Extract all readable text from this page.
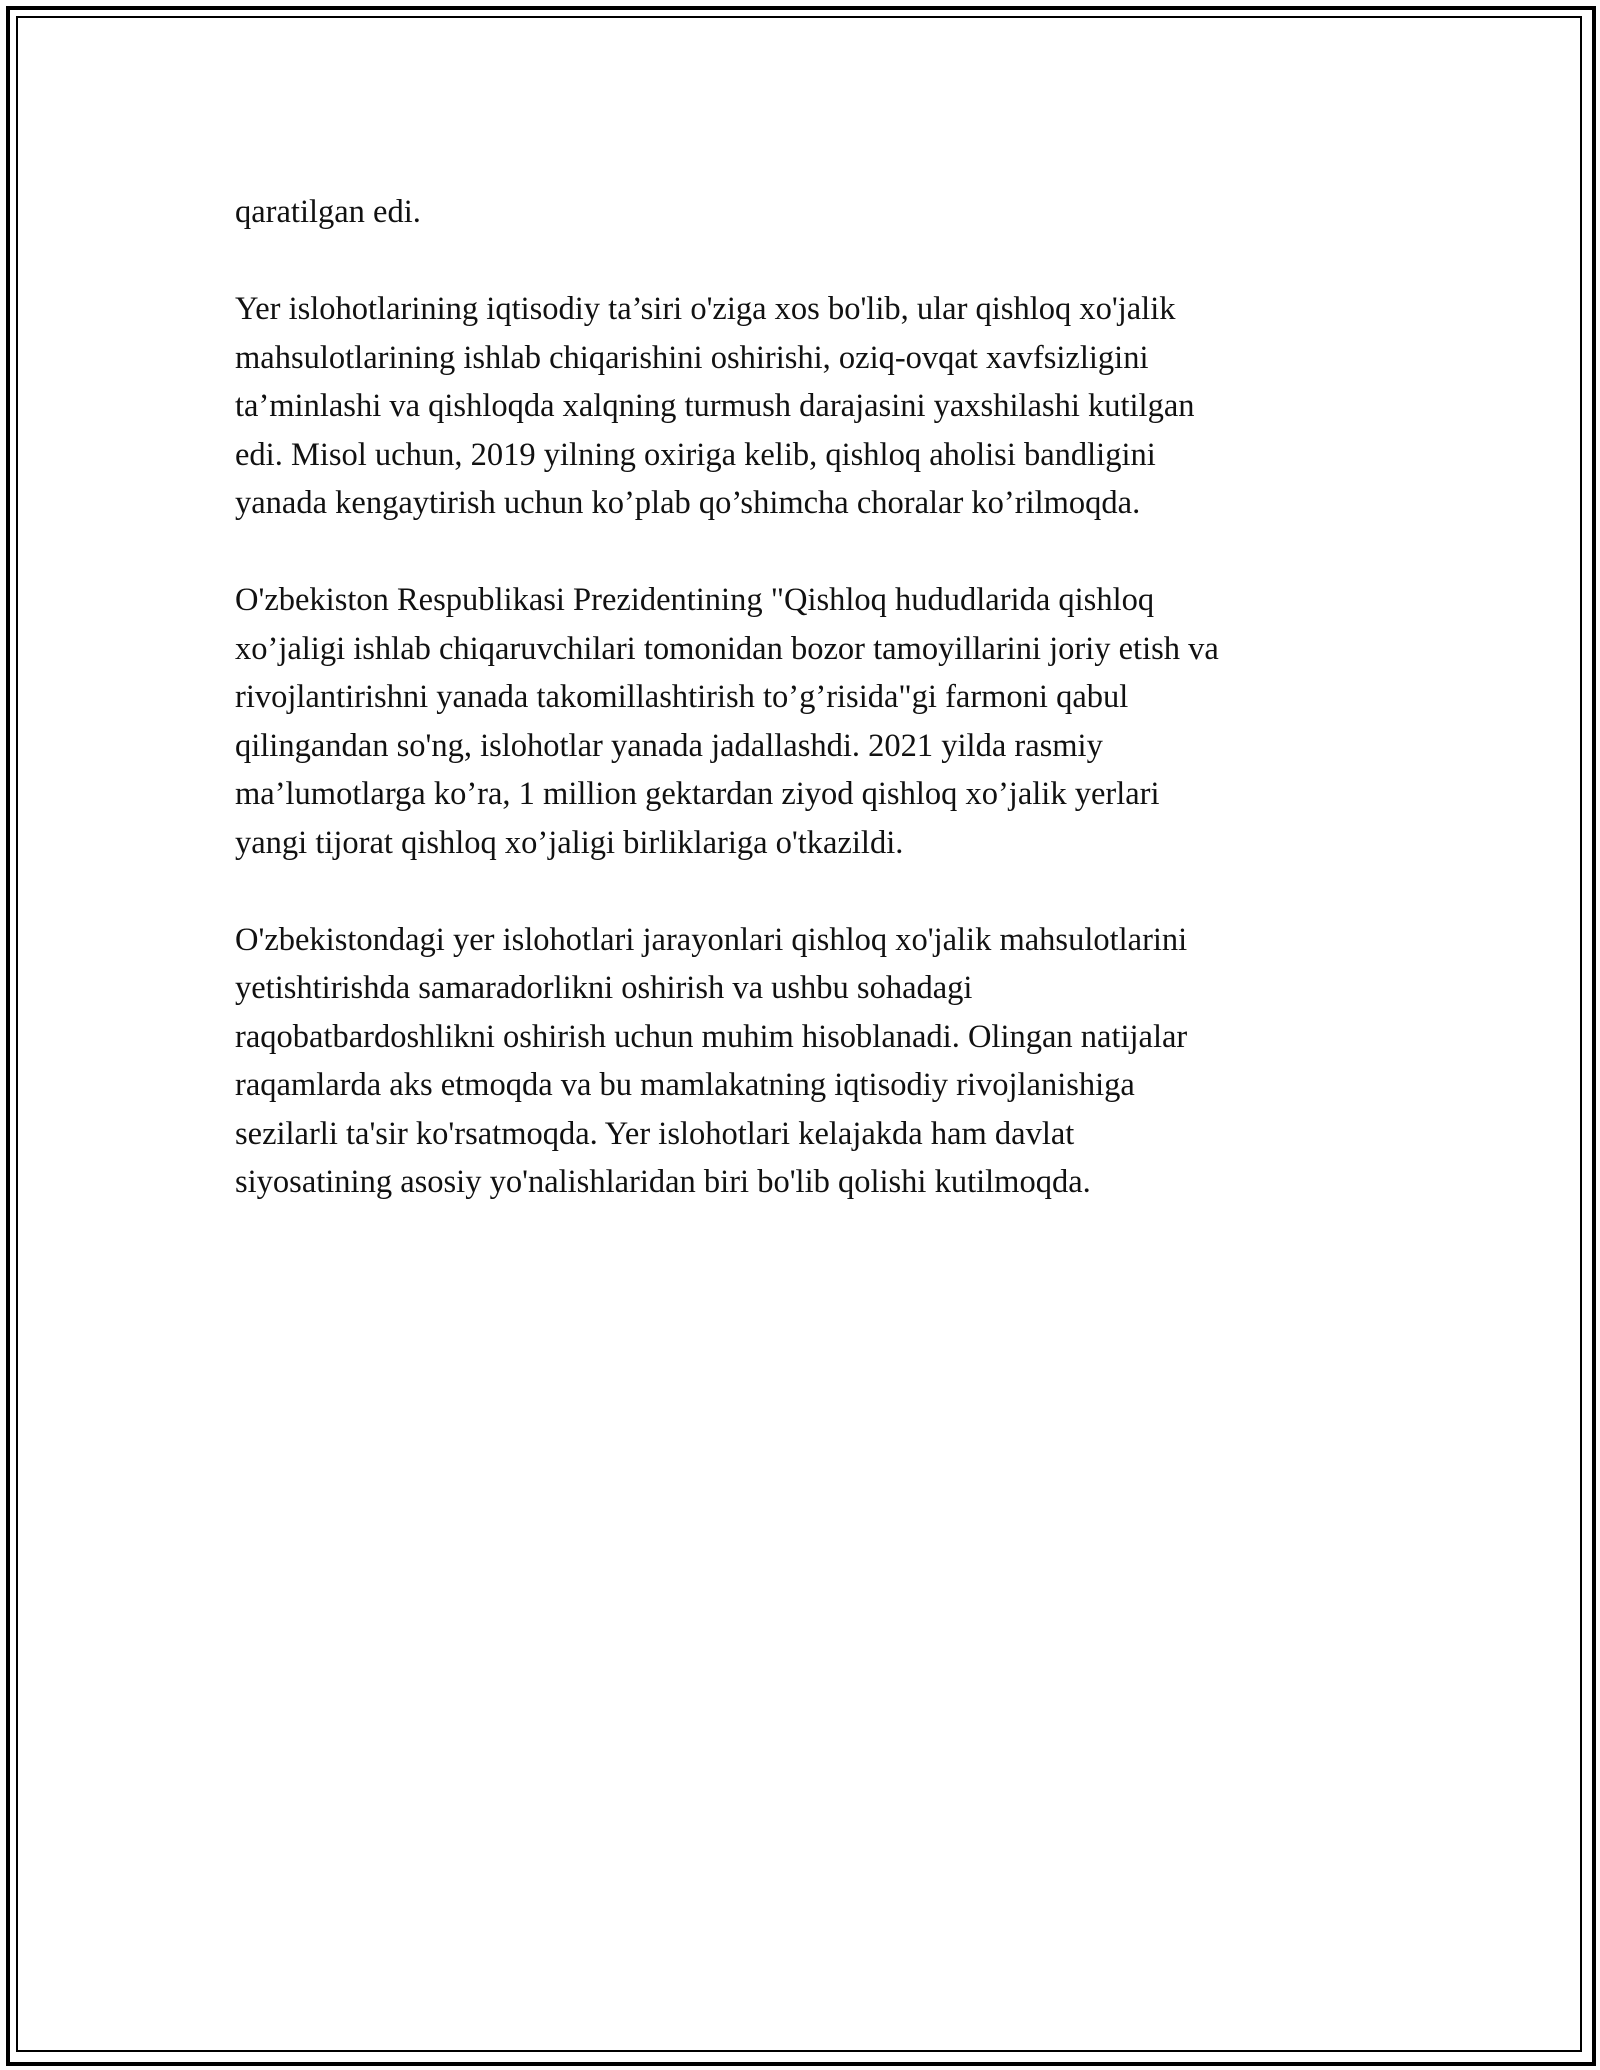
qaratilgan edi.

Yer islohotlarining iqtisodiy ta’siri o'ziga xos bo'lib, ular qishloq xo'jalik
mahsulotlarining ishlab chiqarishini oshirishi, oziq-ovqat xavfsizligini
ta’minlashi va qishloqda xalqning turmush darajasini yaxshilashi kutilgan
edi. Misol uchun, 2019 yilning oxiriga kelib, qishloq aholisi bandligini
yanada kengaytirish uchun ko’plab qo’shimcha choralar ko’rilmoqda.

O'zbekiston Respublikasi Prezidentining "Qishloq hududlarida qishloq
xo’jaligi ishlab chiqaruvchilari tomonidan bozor tamoyillarini joriy etish va
rivojlantirishni yanada takomillashtirish to’g’risida"gi farmoni qabul
qilingandan so'ng, islohotlar yanada jadallashdi. 2021 yilda rasmiy
ma’lumotlarga ko’ra, 1 million gektardan ziyod qishloq xo’jalik yerlari
yangi tijorat qishloq xo’jaligi birliklariga o'tkazildi.

O'zbekistondagi yer islohotlari jarayonlari qishloq xo'jalik mahsulotlarini
yetishtirishda samaradorlikni oshirish va ushbu sohadagi
raqobatbardoshlikni oshirish uchun muhim hisoblanadi. Olingan natijalar
raqamlarda aks etmoqda va bu mamlakatning iqtisodiy rivojlanishiga
sezilarli ta'sir ko'rsatmoqda. Yer islohotlari kelajakda ham davlat
siyosatining asosiy yo'nalishlaridan biri bo'lib qolishi kutilmoqda.
